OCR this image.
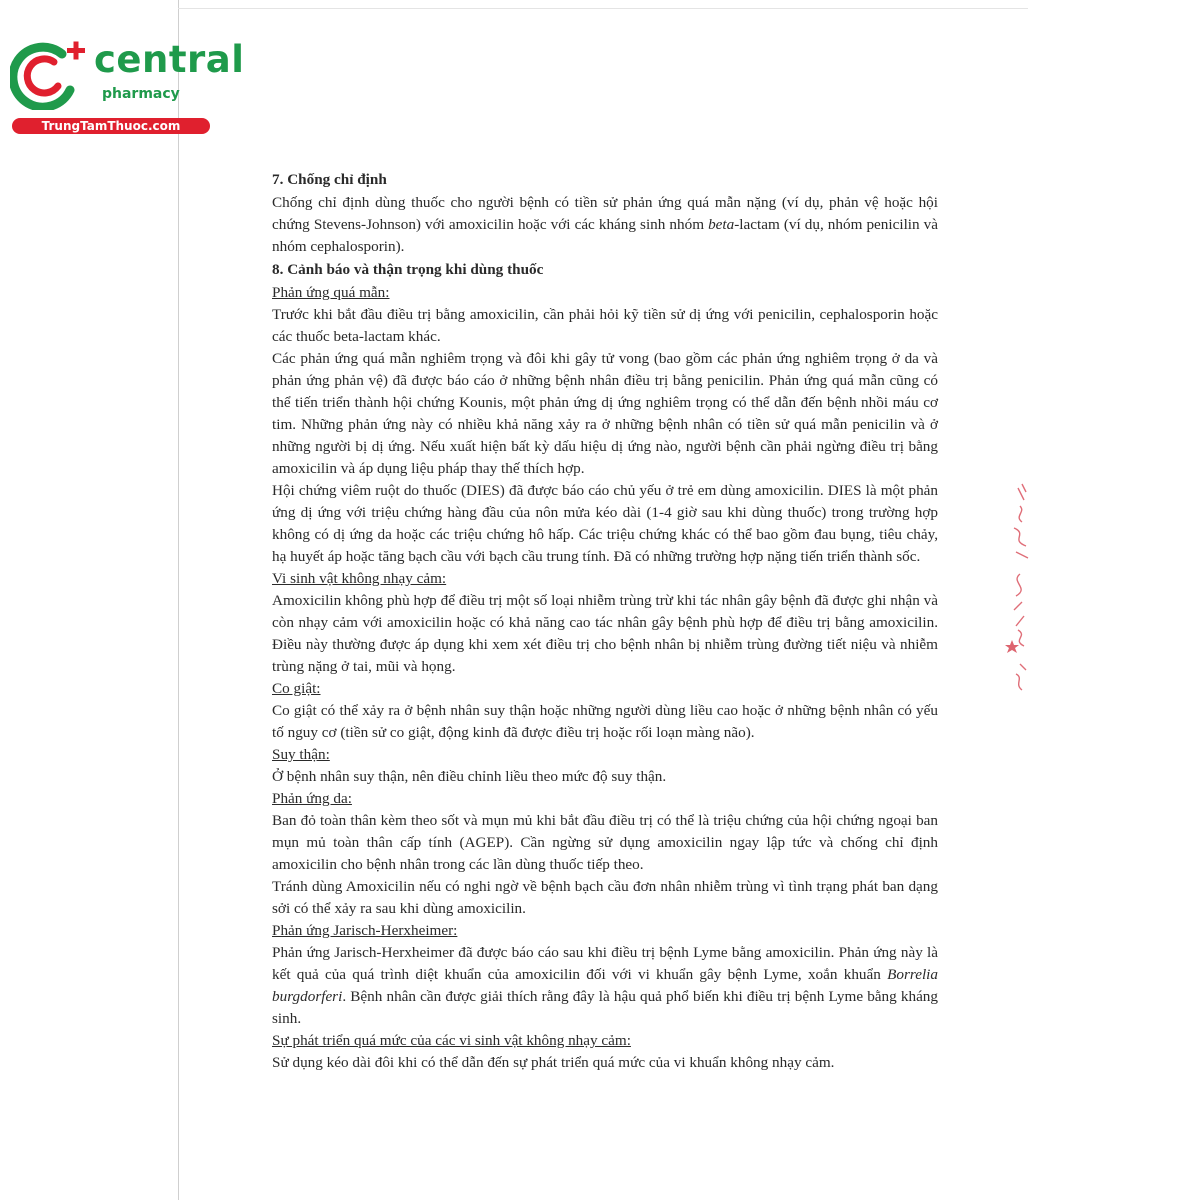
central
pharmacy
TrungTamThuoc.com
7. Chống chỉ định

Chống chỉ định dùng thuốc cho người bệnh có tiền sử phản ứng quá mẫn nặng (ví dụ, phản vệ hoặc hội chứng Stevens-Johnson) với amoxicilin hoặc với các kháng sinh nhóm beta-lactam (ví dụ, nhóm penicilin và nhóm cephalosporin).

8. Cảnh báo và thận trọng khi dùng thuốc

Phản ứng quá mẫn:

Trước khi bắt đầu điều trị bằng amoxicilin, cần phải hỏi kỹ tiền sử dị ứng với penicilin, cephalosporin hoặc các thuốc beta-lactam khác.

Các phản ứng quá mẫn nghiêm trọng và đôi khi gây tử vong (bao gồm các phản ứng nghiêm trọng ở da và phản ứng phản vệ) đã được báo cáo ở những bệnh nhân điều trị bằng penicilin. Phản ứng quá mẫn cũng có thể tiến triển thành hội chứng Kounis, một phản ứng dị ứng nghiêm trọng có thể dẫn đến bệnh nhồi máu cơ tim. Những phản ứng này có nhiều khả năng xảy ra ở những bệnh nhân có tiền sử quá mẫn penicilin và ở những người bị dị ứng. Nếu xuất hiện bất kỳ dấu hiệu dị ứng nào, người bệnh cần phải ngừng điều trị bằng amoxicilin và áp dụng liệu pháp thay thế thích hợp.

Hội chứng viêm ruột do thuốc (DIES) đã được báo cáo chủ yếu ở trẻ em dùng amoxicilin. DIES là một phản ứng dị ứng với triệu chứng hàng đầu của nôn mửa kéo dài (1-4 giờ sau khi dùng thuốc) trong trường hợp không có dị ứng da hoặc các triệu chứng hô hấp. Các triệu chứng khác có thể bao gồm đau bụng, tiêu chảy, hạ huyết áp hoặc tăng bạch cầu với bạch cầu trung tính. Đã có những trường hợp nặng tiến triển thành sốc.

Vi sinh vật không nhạy cảm:

Amoxicilin không phù hợp để điều trị một số loại nhiễm trùng trừ khi tác nhân gây bệnh đã được ghi nhận và còn nhạy cảm với amoxicilin hoặc có khả năng cao tác nhân gây bệnh phù hợp để điều trị bằng amoxicilin. Điều này thường được áp dụng khi xem xét điều trị cho bệnh nhân bị nhiễm trùng đường tiết niệu và nhiễm trùng nặng ở tai, mũi và họng.

Co giật:

Co giật có thể xảy ra ở bệnh nhân suy thận hoặc những người dùng liều cao hoặc ở những bệnh nhân có yếu tố nguy cơ (tiền sử co giật, động kinh đã được điều trị hoặc rối loạn màng não).

Suy thận:

Ở bệnh nhân suy thận, nên điều chỉnh liều theo mức độ suy thận.

Phản ứng da:

Ban đỏ toàn thân kèm theo sốt và mụn mủ khi bắt đầu điều trị có thể là triệu chứng của hội chứng ngoại ban mụn mủ toàn thân cấp tính (AGEP). Cần ngừng sử dụng amoxicilin ngay lập tức và chống chỉ định amoxicilin cho bệnh nhân trong các lần dùng thuốc tiếp theo.

Tránh dùng Amoxicilin nếu có nghi ngờ về bệnh bạch cầu đơn nhân nhiễm trùng vì tình trạng phát ban dạng sởi có thể xảy ra sau khi dùng amoxicilin.

Phản ứng Jarisch-Herxheimer:

Phản ứng Jarisch-Herxheimer đã được báo cáo sau khi điều trị bệnh Lyme bằng amoxicilin. Phản ứng này là kết quả của quá trình diệt khuẩn của amoxicilin đối với vi khuẩn gây bệnh Lyme, xoắn khuẩn Borrelia burgdorferi. Bệnh nhân cần được giải thích rằng đây là hậu quả phổ biến khi điều trị bệnh Lyme bằng kháng sinh.

Sự phát triển quá mức của các vi sinh vật không nhạy cảm:

Sử dụng kéo dài đôi khi có thể dẫn đến sự phát triển quá mức của vi khuẩn không nhạy cảm.
